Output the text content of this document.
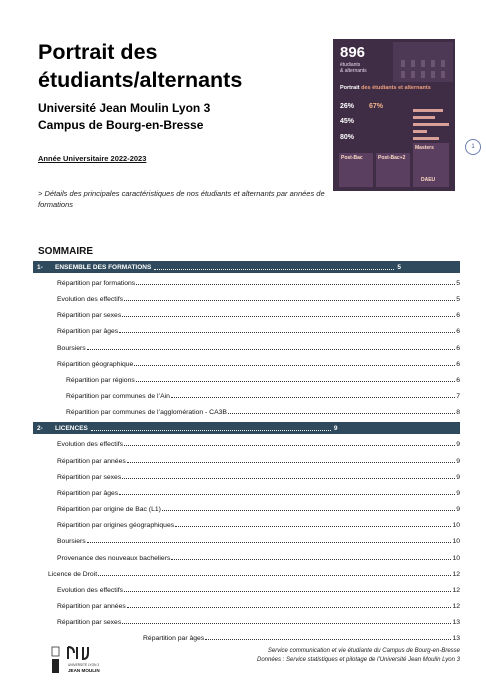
Portrait des étudiants/alternants
Université Jean Moulin Lyon 3
Campus de Bourg-en-Bresse
Année Universitaire 2022-2023
> Détails des principales caractéristiques de nos étudiants et alternants par années de formations
896
étudiants
& alternants
Portrait des étudiants et alternants
26% 67%
45%
80%
Post-Bac	Post-Bac+2
Masters
DAEU
1
SOMMAIRE
1-	ENSEMBLE DES FORMATIONS	5
Répartition par formations	5
Evolution des effectifs	5
Répartition par sexes	6
Répartition par âges	6
Boursiers	6
Répartition géographique	6
Répartition par régions	6
Répartition par communes de l’Ain	7
Répartition par communes de l’agglomération - CA3B	8
2-	LICENCES	9
Evolution des effectifs	9
Répartition par années	9
Répartition par sexes	9
Répartition par âges	9
Répartition par origine de Bac (L1)	9
Répartition par origines géographiques	10
Boursiers	10
Provenance des nouveaux bacheliers	10
Licence de Droit	12
Evolution des effectifs	12
Répartition par années	12
Répartition par sexes	13
Répartition par âges	13
UNIVERSITÉ LYON 3
JEAN MOULIN
Service communication et vie étudiante du Campus de Bourg-en-Bresse
Données : Service statistiques et pilotage de l’Université Jean Moulin Lyon 3
